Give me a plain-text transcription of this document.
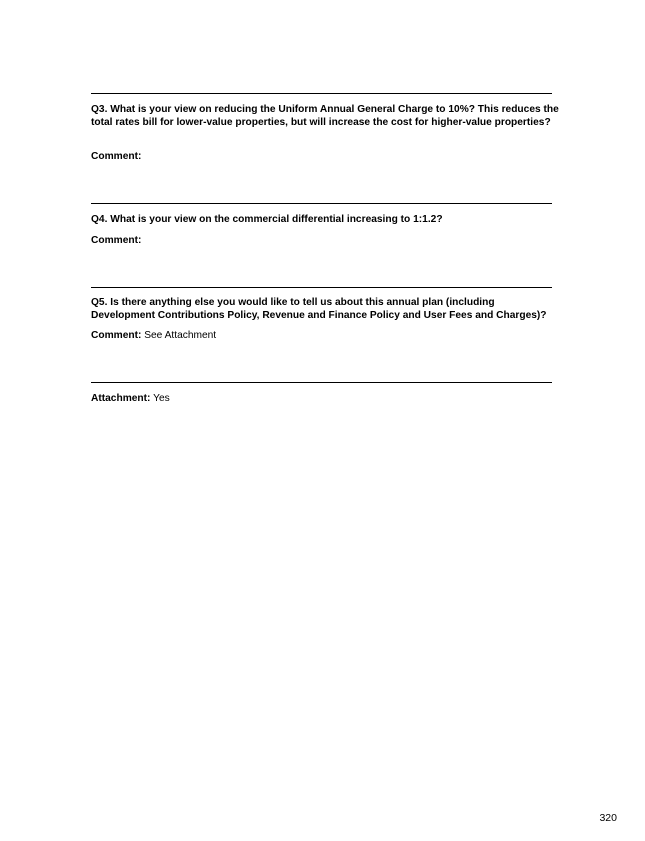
Q3. What is your view on reducing the Uniform Annual General Charge to 10%? This reduces the total rates bill for lower-value properties, but will increase the cost for higher-value properties?

Comment:

Q4. What is your view on the commercial differential increasing to 1:1.2?

Comment:

Q5. Is there anything else you would like to tell us about this annual plan (including Development Contributions Policy, Revenue and Finance Policy and User Fees and Charges)?

Comment: See Attachment

Attachment: Yes

320
